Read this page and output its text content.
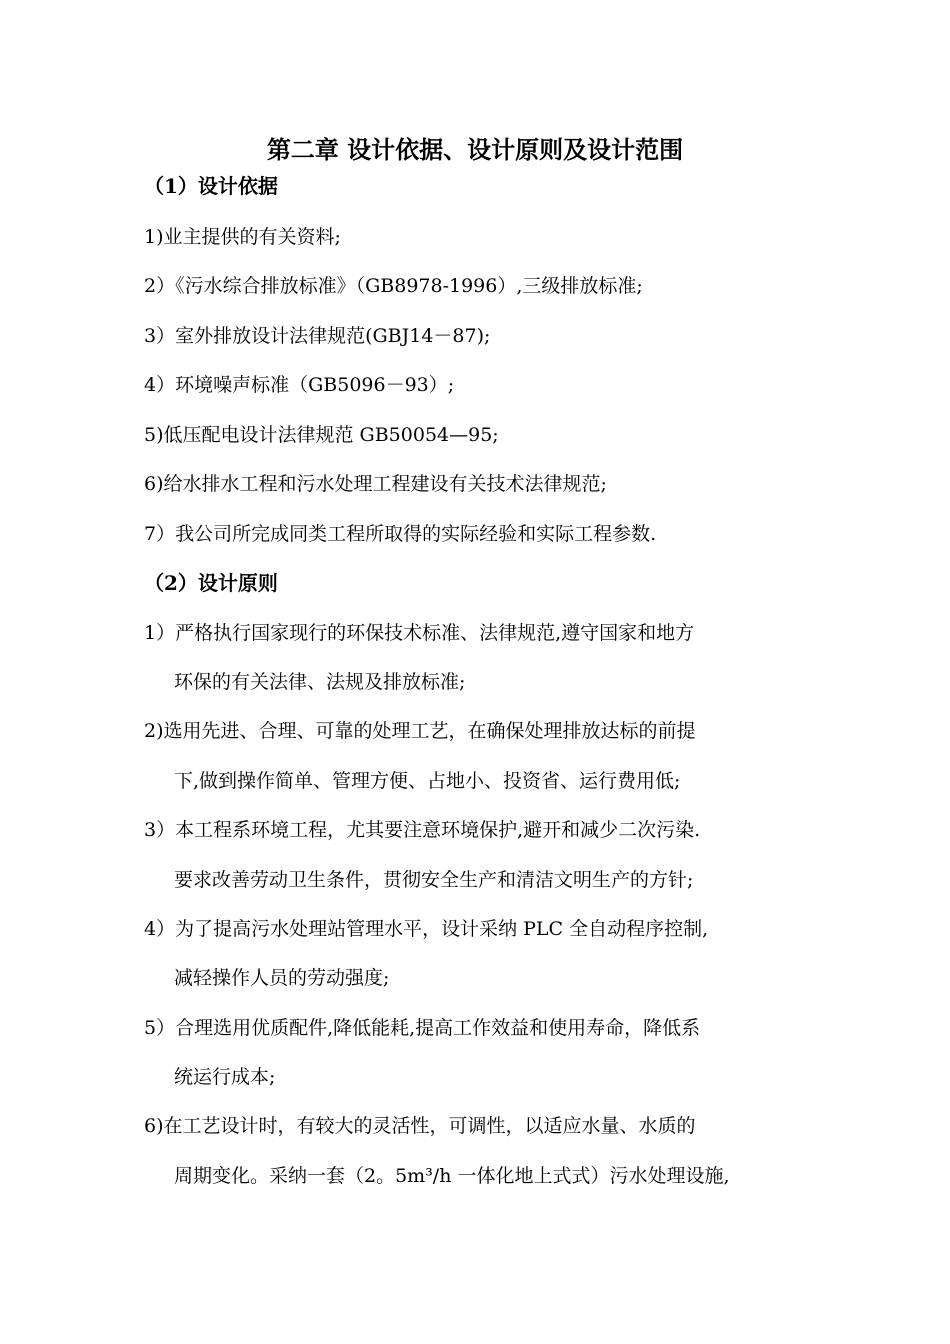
第二章 设计依据、设计原则及设计范围
（1）设计依据
1)业主提供的有关资料;
2）《污水综合排放标准》（GB8978-1996）,三级排放标准;
3）室外排放设计法律规范(GBJ14－87);
4）环境噪声标准（GB5096－93）;
5)低压配电设计法律规范 GB50054—95;
6)给水排水工程和污水处理工程建设有关技术法律规范;
7）我公司所完成同类工程所取得的实际经验和实际工程参数.
（2）设计原则
1）严格执行国家现行的环保技术标准、法律规范,遵守国家和地方
环保的有关法律、法规及排放标准;
2)选用先进、合理、可靠的处理工艺，在确保处理排放达标的前提
下,做到操作简单、管理方便、占地小、投资省、运行费用低;
3）本工程系环境工程，尤其要注意环境保护,避开和减少二次污染.
要求改善劳动卫生条件，贯彻安全生产和清洁文明生产的方针;
4）为了提高污水处理站管理水平，设计采纳 PLC 全自动程序控制,
减轻操作人员的劳动强度;
5）合理选用优质配件,降低能耗,提高工作效益和使用寿命，降低系
统运行成本;
6)在工艺设计时，有较大的灵活性，可调性，以适应水量、水质的
周期变化。采纳一套（2。5m³/h 一体化地上式式）污水处理设施,
